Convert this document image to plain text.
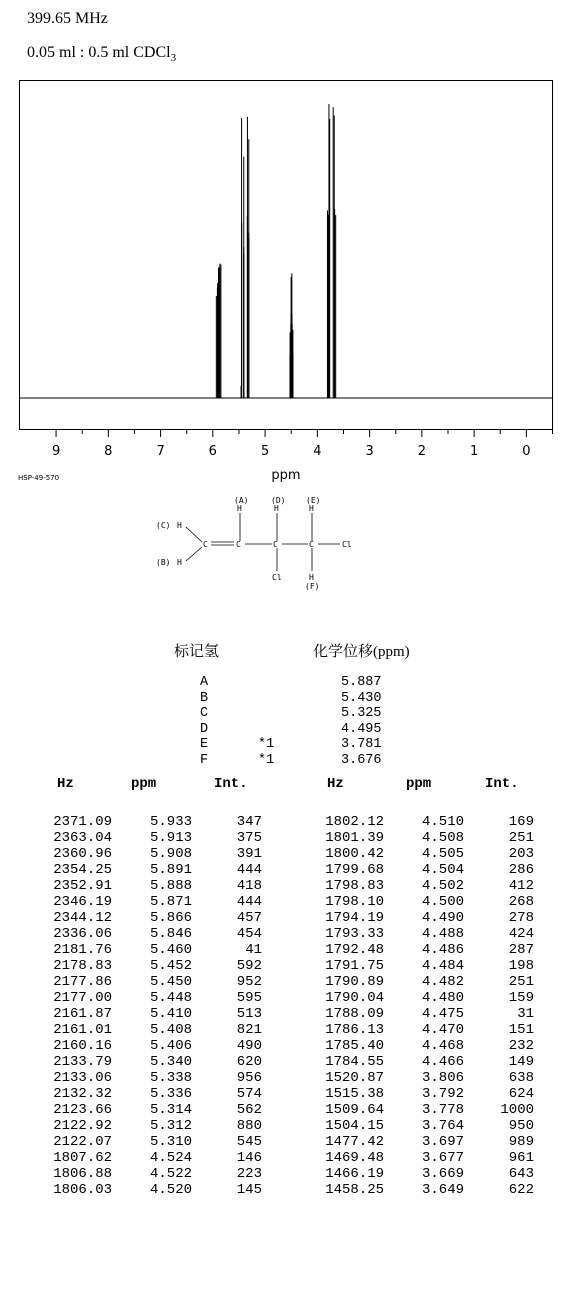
399.65 MHz
0.05 ml : 0.5 ml CDCl$_3$
9	8	7	6	5	4	3	2	1	0
ppm
HSP-49-570
(A)	(D)	(E)
H	H	H
(C) H
(B) H
C	C	C	C	Cl
Cl	H
(F)
标记氢	化学位移(ppm)
A	5.887
B	5.430
C	5.325
D	4.495
E	*1	3.781
F	*1	3.676
Hz	ppm	Int.	Hz	ppm	Int.
2371.09	5.933	347	1802.12	4.510	169
2363.04	5.913	375	1801.39	4.508	251
2360.96	5.908	391	1800.42	4.505	203
2354.25	5.891	444	1799.68	4.504	286
2352.91	5.888	418	1798.83	4.502	412
2346.19	5.871	444	1798.10	4.500	268
2344.12	5.866	457	1794.19	4.490	278
2336.06	5.846	454	1793.33	4.488	424
2181.76	5.460	41	1792.48	4.486	287
2178.83	5.452	592	1791.75	4.484	198
2177.86	5.450	952	1790.89	4.482	251
2177.00	5.448	595	1790.04	4.480	159
2161.87	5.410	513	1788.09	4.475	31
2161.01	5.408	821	1786.13	4.470	151
2160.16	5.406	490	1785.40	4.468	232
2133.79	5.340	620	1784.55	4.466	149
2133.06	5.338	956	1520.87	3.806	638
2132.32	5.336	574	1515.38	3.792	624
2123.66	5.314	562	1509.64	3.778	1000
2122.92	5.312	880	1504.15	3.764	950
2122.07	5.310	545	1477.42	3.697	989
1807.62	4.524	146	1469.48	3.677	961
1806.88	4.522	223	1466.19	3.669	643
1806.03	4.520	145	1458.25	3.649	622
